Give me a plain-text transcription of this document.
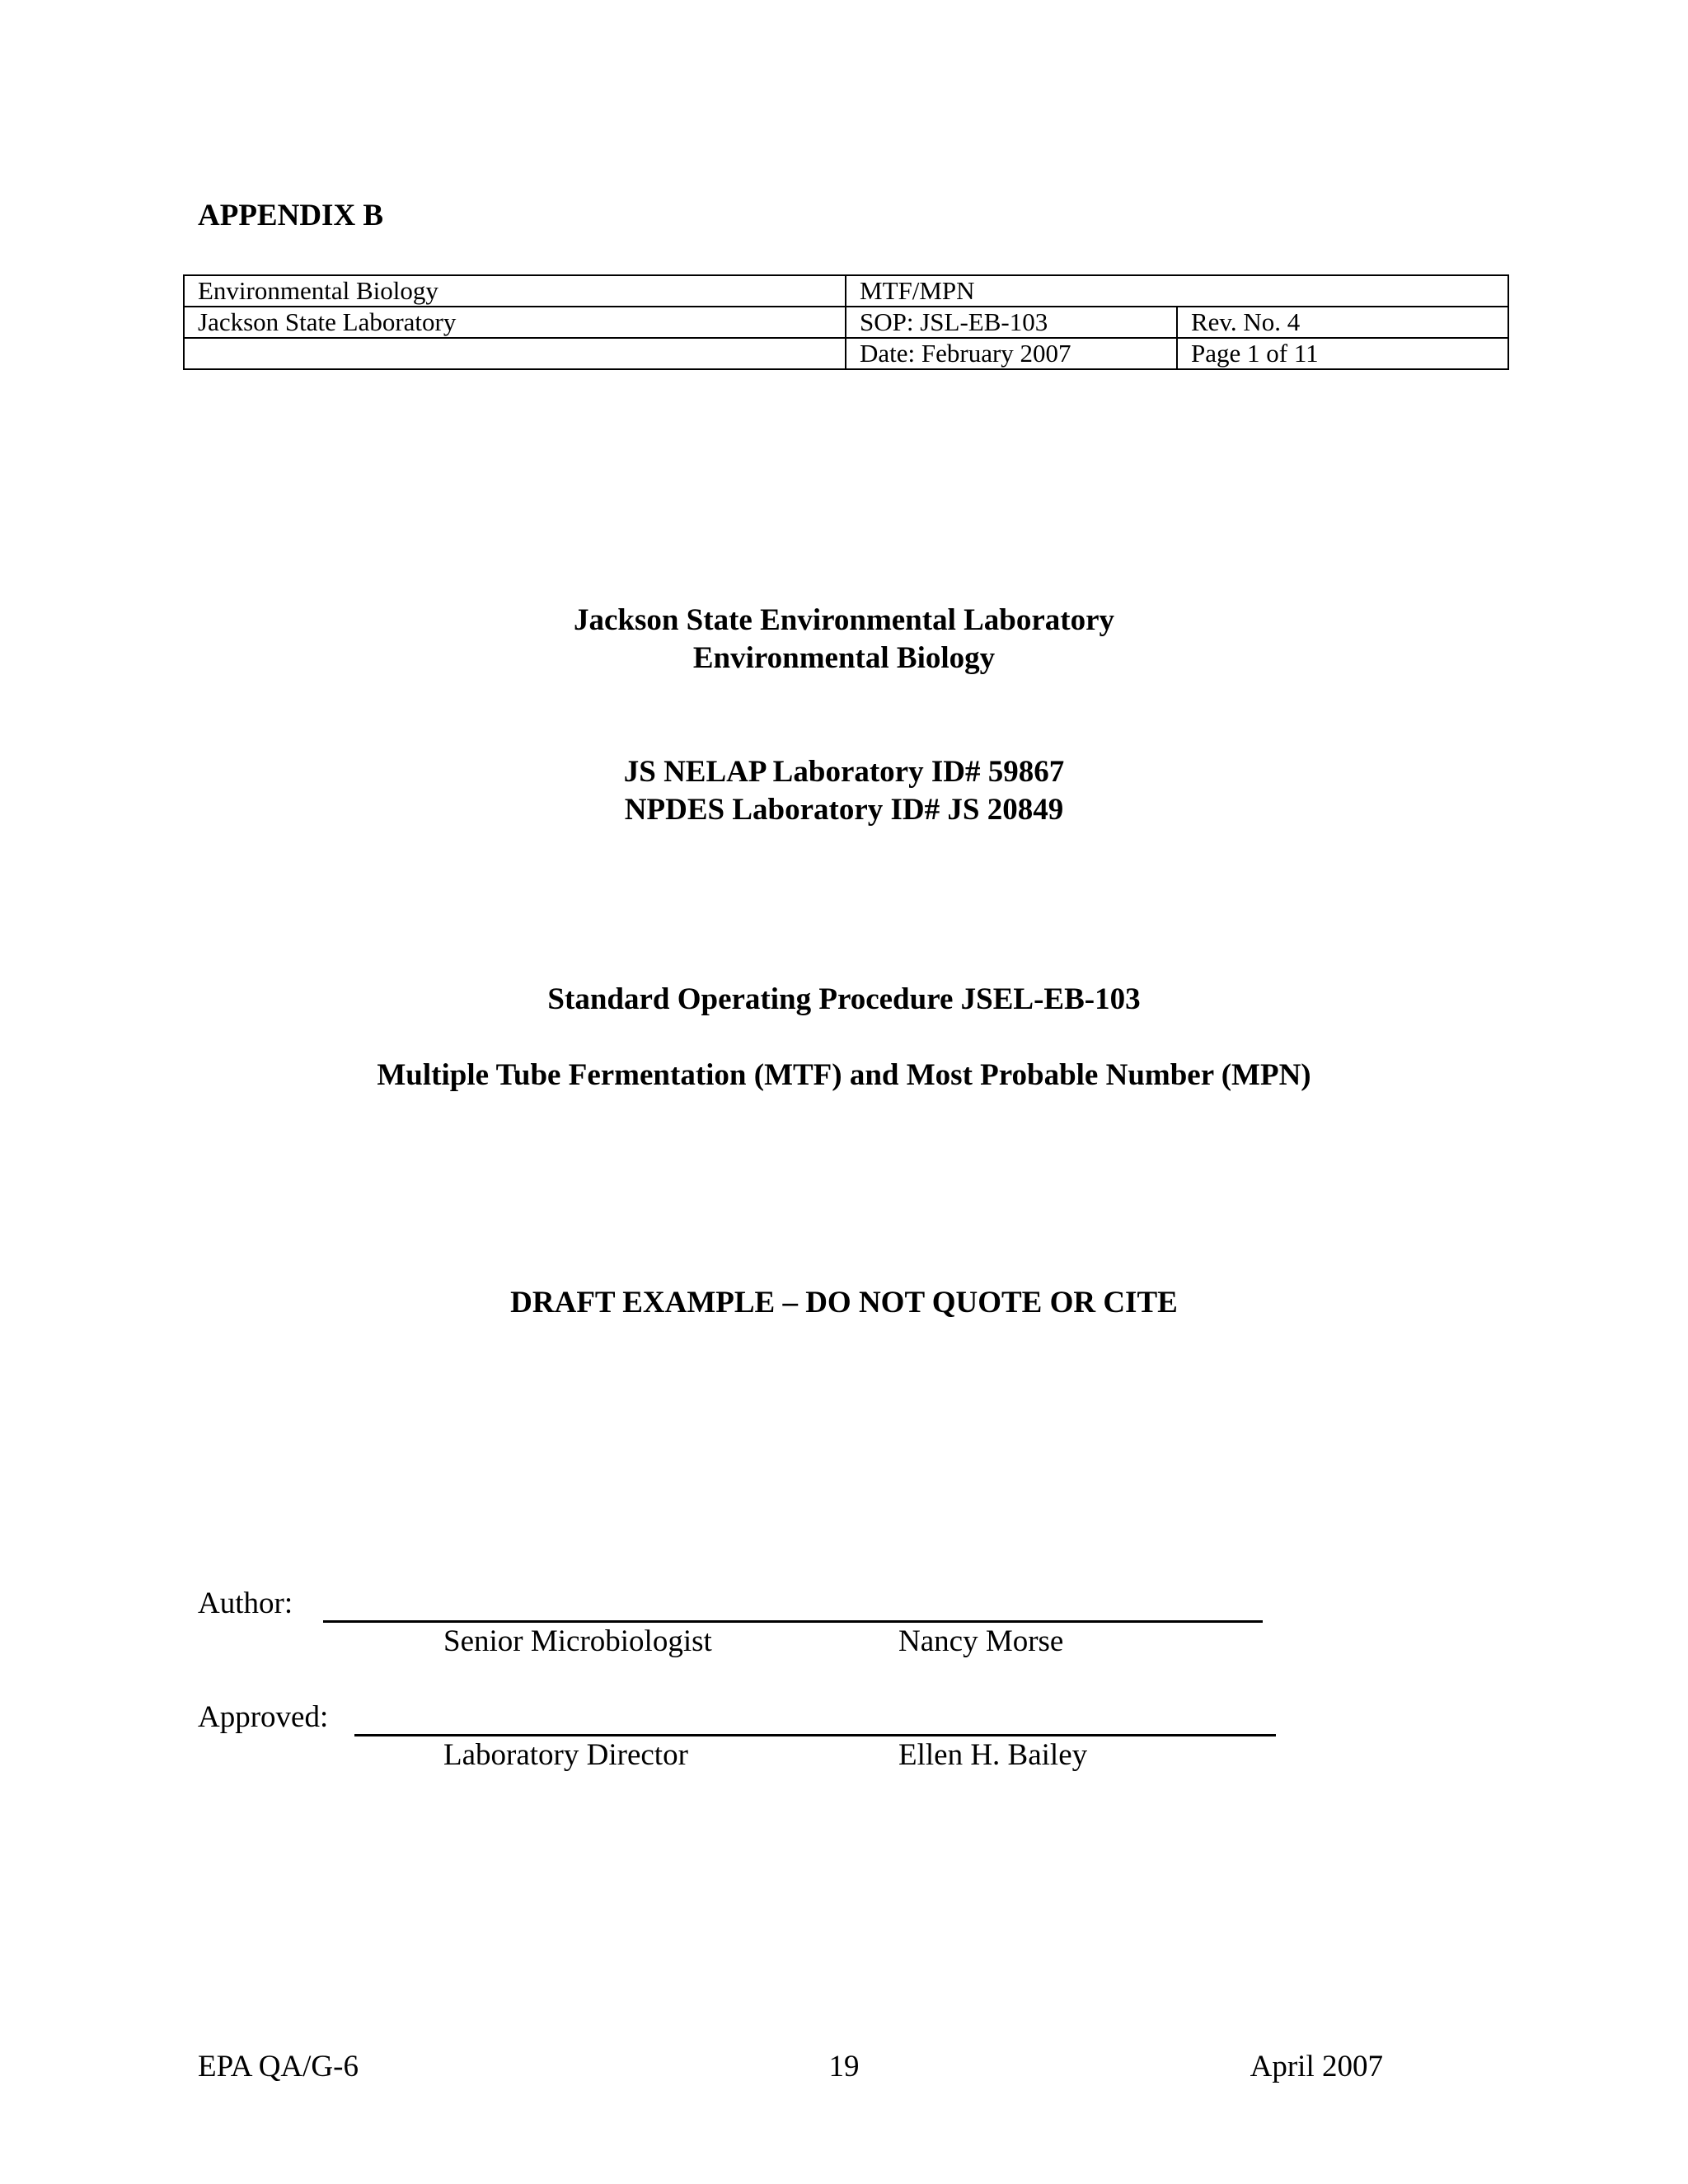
APPENDIX B
Environmental Biology	MTF/MPN	
Jackson State Laboratory	SOP: JSL-EB-103	Rev. No. 4
	Date: February 2007	Page 1 of 11
Jackson State Environmental Laboratory
Environmental Biology
JS NELAP Laboratory ID# 59867
NPDES Laboratory ID# JS 20849
Standard Operating Procedure JSEL-EB-103
Multiple Tube Fermentation (MTF) and Most Probable Number (MPN)
DRAFT EXAMPLE – DO NOT QUOTE OR CITE
Author:
Senior Microbiologist	Nancy Morse
Approved:
Laboratory Director	Ellen H. Bailey
EPA QA/G-6	19	April 2007
